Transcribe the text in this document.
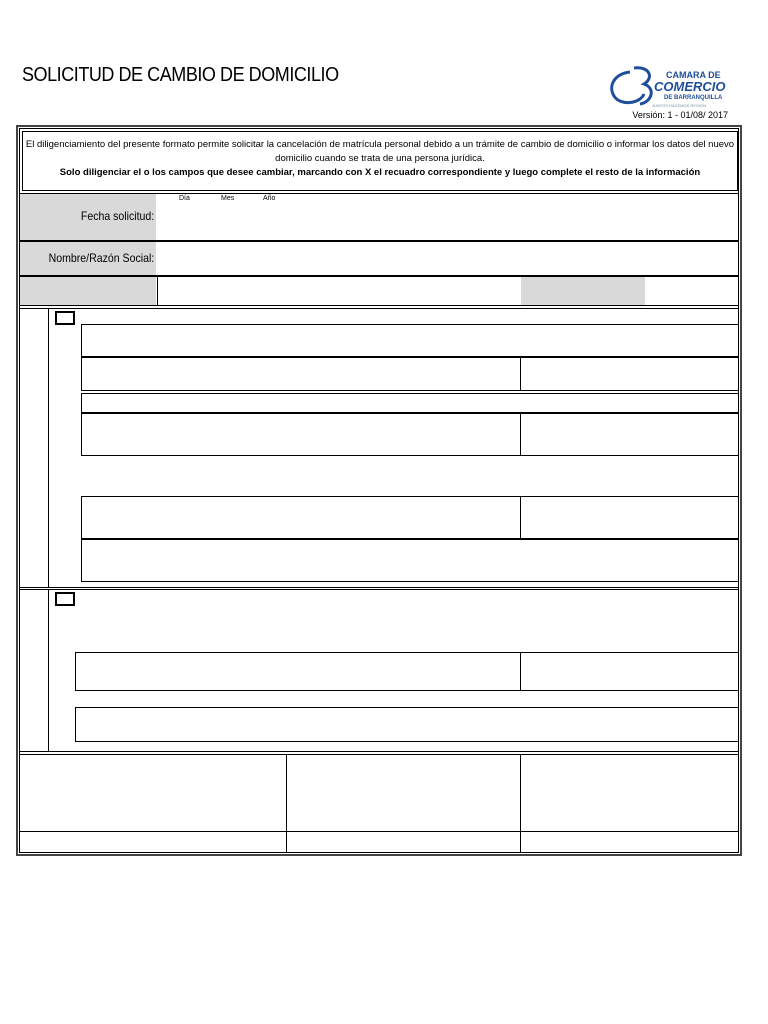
SOLICITUD DE CAMBIO DE DOMICILIO	CAMARA DE
COMERCIO
DE BARRANQUILLA
JUNTOS HACEMOS REGIÓN
Versión: 1 - 01/08/ 2017
El diligenciamiento del presente formato permite solicitar la cancelación de matrícula personal debido a un trámite de cambio de domicilio o informar los datos del nuevo domicilio cuando se trata de una persona jurídica.
Solo diligenciar el o los campos que desee cambiar, marcando con X el recuadro correspondiente y luego complete el resto de la información
Fecha solicitud:
Día	Mes	Año
Nombre/Razón Social:
